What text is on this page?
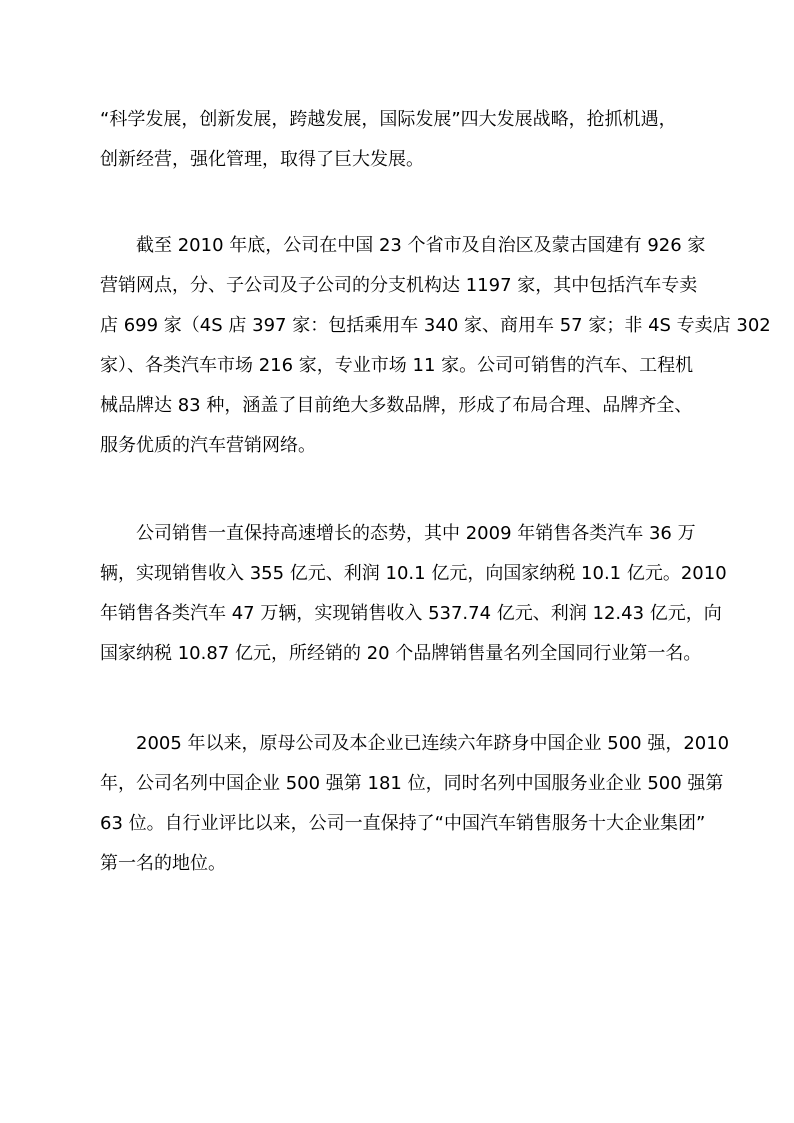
“科学发展，创新发展，跨越发展，国际发展”四大发展战略，抢抓机遇，
创新经营，强化管理，取得了巨大发展。
截至 2010 年底，公司在中国 23 个省市及自治区及蒙古国建有 926 家
营销网点，分、子公司及子公司的分支机构达 1197 家，其中包括汽车专卖
店 699 家（4S 店 397 家：包括乘用车 340 家、商用车 57 家；非 4S 专卖店 302
家）、各类汽车市场 216 家，专业市场 11 家。公司可销售的汽车、工程机
械品牌达 83 种，涵盖了目前绝大多数品牌，形成了布局合理、品牌齐全、
服务优质的汽车营销网络。
公司销售一直保持高速增长的态势，其中 2009 年销售各类汽车 36 万
辆，实现销售收入 355 亿元、利润 10.1 亿元，向国家纳税 10.1 亿元。2010
年销售各类汽车 47 万辆，实现销售收入 537.74 亿元、利润 12.43 亿元，向
国家纳税 10.87 亿元，所经销的 20 个品牌销售量名列全国同行业第一名。
2005 年以来，原母公司及本企业已连续六年跻身中国企业 500 强，2010
年，公司名列中国企业 500 强第 181 位，同时名列中国服务业企业 500 强第
63 位。自行业评比以来，公司一直保持了“中国汽车销售服务十大企业集团”
第一名的地位。
